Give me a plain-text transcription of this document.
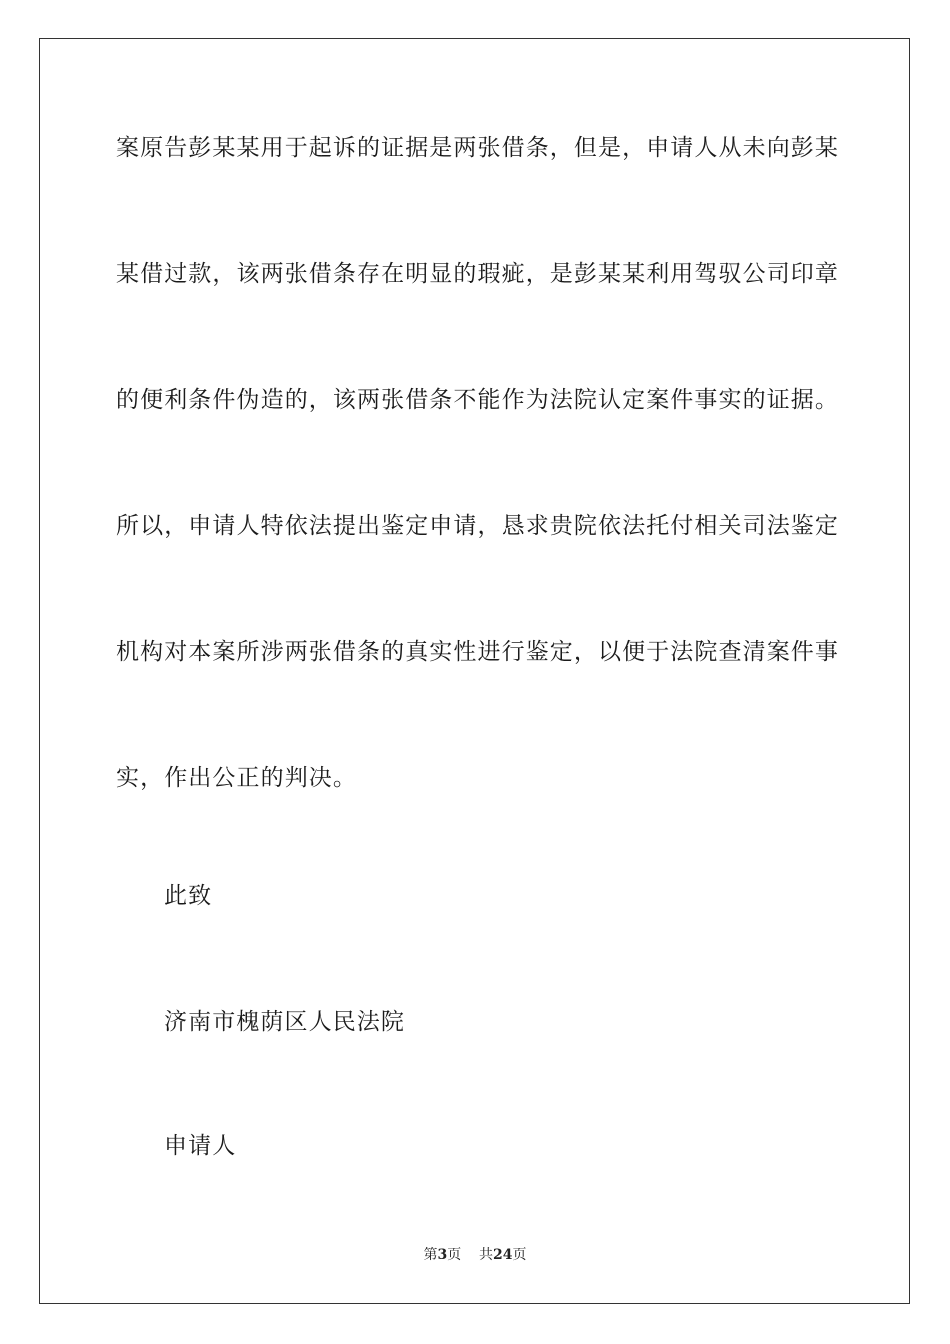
案原告彭某某用于起诉的证据是两张借条，但是，申请人从未向彭某
某借过款，该两张借条存在明显的瑕疵，是彭某某利用驾驭公司印章
的便利条件伪造的，该两张借条不能作为法院认定案件事实的证据。
所以，申请人特依法提出鉴定申请，恳求贵院依法托付相关司法鉴定
机构对本案所涉两张借条的真实性进行鉴定，以便于法院查清案件事
实，作出公正的判决。
此致
济南市槐荫区人民法院
申请人
第3页 共24页
